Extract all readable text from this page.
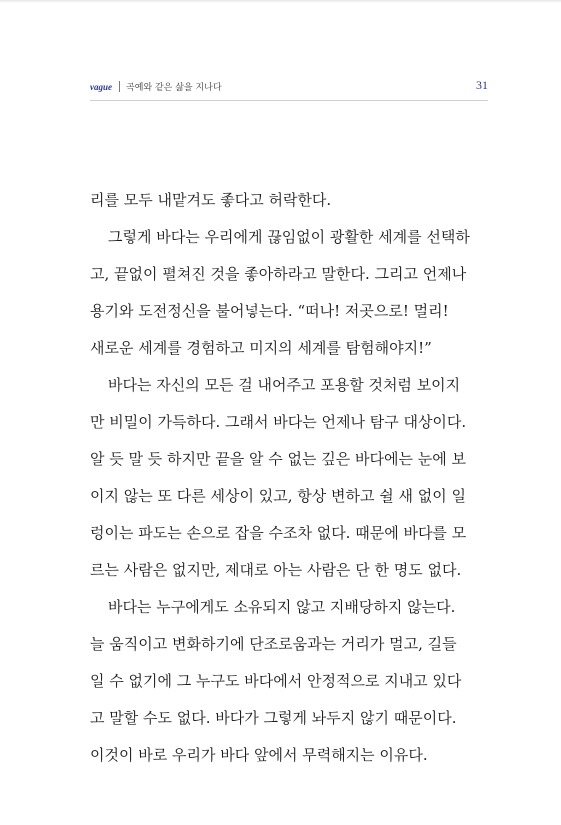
vague 곡예와 같은 삶을 지나다	31
리를 모두 내맡겨도 좋다고 허락한다.
그렇게 바다는 우리에게 끊임없이 광활한 세계를 선택하
고, 끝없이 펼쳐진 것을 좋아하라고 말한다. 그리고 언제나
용기와 도전정신을 불어넣는다. “떠나! 저곳으로! 멀리!
새로운 세계를 경험하고 미지의 세계를 탐험해야지!”
바다는 자신의 모든 걸 내어주고 포용할 것처럼 보이지
만 비밀이 가득하다. 그래서 바다는 언제나 탐구 대상이다.
알 듯 말 듯 하지만 끝을 알 수 없는 깊은 바다에는 눈에 보
이지 않는 또 다른 세상이 있고, 항상 변하고 쉴 새 없이 일
렁이는 파도는 손으로 잡을 수조차 없다. 때문에 바다를 모
르는 사람은 없지만, 제대로 아는 사람은 단 한 명도 없다.
바다는 누구에게도 소유되지 않고 지배당하지 않는다.
늘 움직이고 변화하기에 단조로움과는 거리가 멀고, 길들
일 수 없기에 그 누구도 바다에서 안정적으로 지내고 있다
고 말할 수도 없다. 바다가 그렇게 놔두지 않기 때문이다.
이것이 바로 우리가 바다 앞에서 무력해지는 이유다.
